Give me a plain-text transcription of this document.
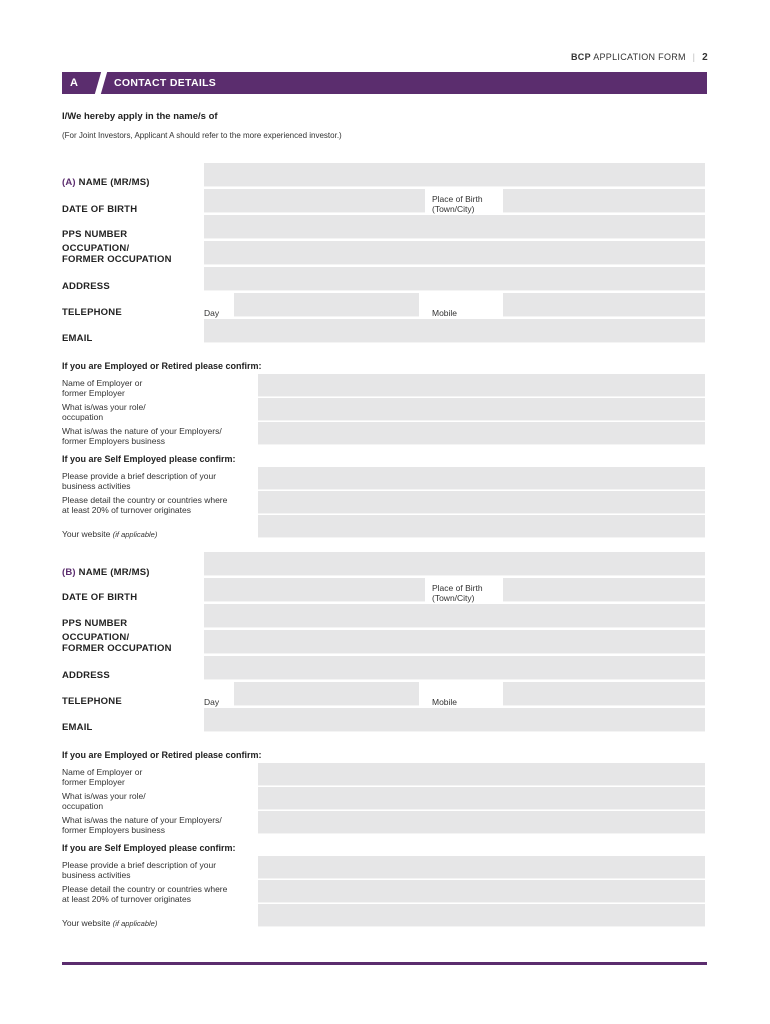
BCP APPLICATION FORM | 2
A	CONTACT DETAILS
I/We hereby apply in the name/s of
(For Joint Investors, Applicant A should refer to the more experienced investor.)
(A) NAME (MR/MS)
DATE OF BIRTH
Place of Birth
(Town/City)
PPS NUMBER
OCCUPATION/
FORMER OCCUPATION
ADDRESS
TELEPHONE	Day	Mobile
EMAIL
If you are Employed or Retired please confirm:
Name of Employer or
former Employer
What is/was your role/
occupation
What is/was the nature of your Employers/
former Employers business
If you are Self Employed please confirm:
Please provide a brief description of your
business activities
Please detail the country or countries where
at least 20% of turnover originates
Your website (if applicable)
(B) NAME (MR/MS)
DATE OF BIRTH
Place of Birth
(Town/City)
PPS NUMBER
OCCUPATION/
FORMER OCCUPATION
ADDRESS
TELEPHONE	Day	Mobile
EMAIL
If you are Employed or Retired please confirm:
Name of Employer or
former Employer
What is/was your role/
occupation
What is/was the nature of your Employers/
former Employers business
If you are Self Employed please confirm:
Please provide a brief description of your
business activities
Please detail the country or countries where
at least 20% of turnover originates
Your website (if applicable)
